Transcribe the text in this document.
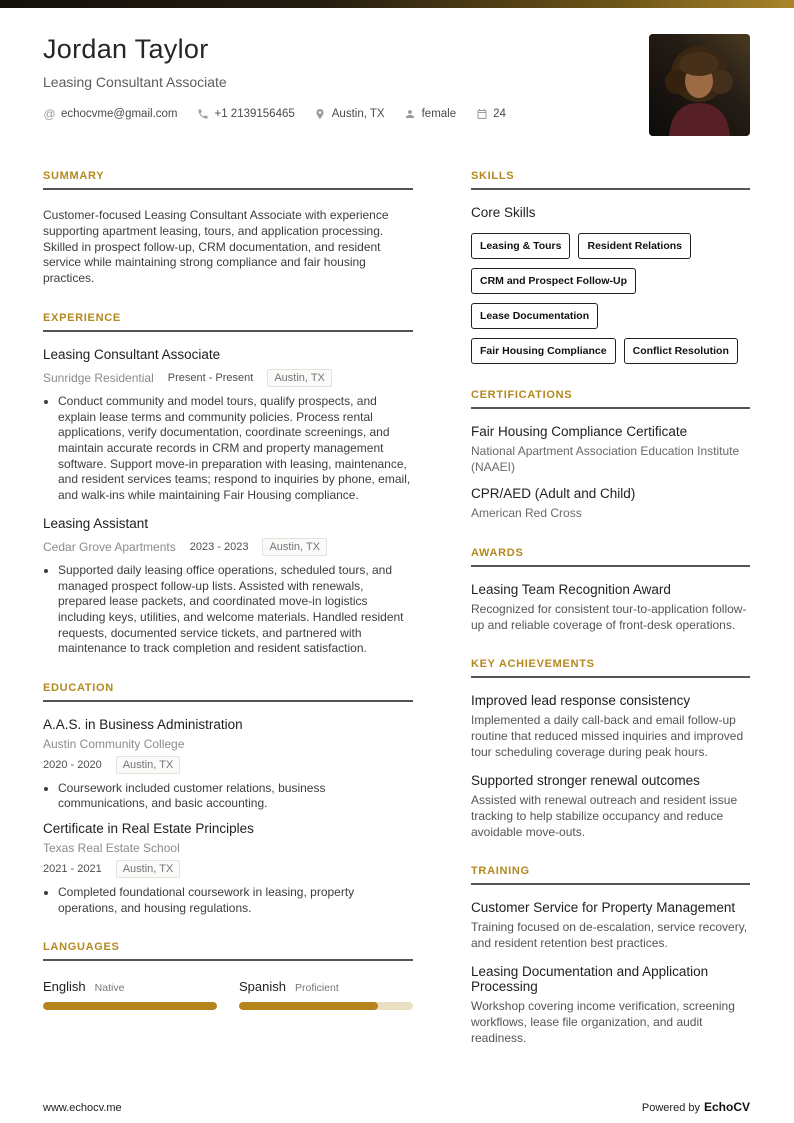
Jordan Taylor
Leasing Consultant Associate
@ echocvme@gmail.com	+1 2139156465	Austin, TX	female	24
SUMMARY

Customer-focused Leasing Consultant Associate with experience supporting apartment leasing, tours, and application processing. Skilled in prospect follow-up, CRM documentation, and resident service while maintaining strong compliance and fair housing practices.

EXPERIENCE
Leasing Consultant Associate
Sunridge Residential Present - Present	Austin, TX
• Conduct community and model tours, qualify prospects, and explain lease terms and community policies. Process rental applications, verify documentation, coordinate screenings, and maintain accurate records in CRM and property management software. Support move-in preparation with leasing, maintenance, and resident services teams; respond to inquiries by phone, email, and walk-ins while maintaining Fair Housing compliance.
Leasing Assistant
Cedar Grove Apartments 2023 - 2023	Austin, TX
• Supported daily leasing office operations, scheduled tours, and managed prospect follow-up lists. Assisted with renewals, prepared lease packets, and coordinated move-in logistics including keys, utilities, and welcome materials. Handled resident requests, documented service tickets, and partnered with maintenance to track completion and resident satisfaction.
EDUCATION
A.A.S. in Business Administration
Austin Community College
2020 - 2020	Austin, TX
• Coursework included customer relations, business communications, and basic accounting.
Certificate in Real Estate Principles
Texas Real Estate School
2021 - 2021	Austin, TX
• Completed foundational coursework in leasing, property operations, and housing regulations.
LANGUAGES
English Native	Spanish Proficient
SKILLS
Core Skills
Leasing & Tours	Resident Relations
CRM and Prospect Follow-Up
Lease Documentation
Fair Housing Compliance	Conflict Resolution
CERTIFICATIONS
Fair Housing Compliance Certificate
National Apartment Association Education Institute (NAAEI)
CPR/AED (Adult and Child)
American Red Cross
AWARDS
Leasing Team Recognition Award
Recognized for consistent tour-to-application follow-up and reliable coverage of front-desk operations.
KEY ACHIEVEMENTS
Improved lead response consistency
Implemented a daily call-back and email follow-up routine that reduced missed inquiries and improved tour scheduling coverage during peak hours.
Supported stronger renewal outcomes
Assisted with renewal outreach and resident issue tracking to help stabilize occupancy and reduce avoidable move-outs.
TRAINING
Customer Service for Property Management
Training focused on de-escalation, service recovery, and resident retention best practices.
Leasing Documentation and Application Processing
Workshop covering income verification, screening workflows, lease file organization, and audit readiness.
www.echocv.me	Powered by EchoCV
